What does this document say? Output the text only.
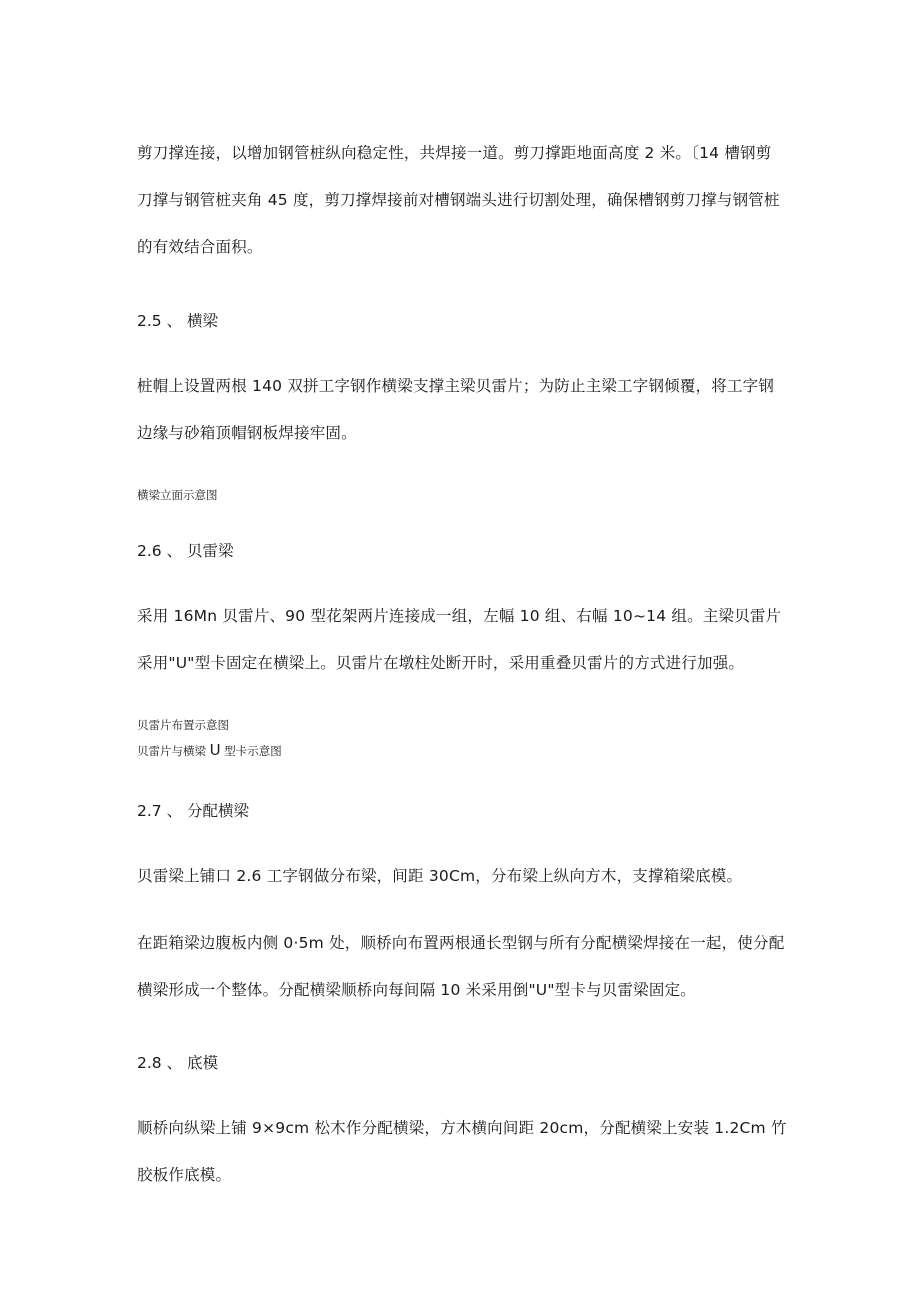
剪刀撑连接，以增加钢管桩纵向稳定性，共焊接一道。剪刀撑距地面高度 2 米。〔14 槽钢剪刀撑与钢管桩夹角 45 度，剪刀撑焊接前对槽钢端头进行切割处理，确保槽钢剪刀撑与钢管桩的有效结合面积。

2.5 、 横梁

桩帽上设置两根 140 双拼工字钢作横梁支撑主梁贝雷片；为防止主梁工字钢倾覆，将工字钢边缘与砂箱顶帽钢板焊接牢固。

横梁立面示意图

2.6 、 贝雷梁

采用 16Mn 贝雷片、90 型花架两片连接成一组，左幅 10 组、右幅 10~14 组。主梁贝雷片采用"U"型卡固定在横梁上。贝雷片在墩柱处断开时，采用重叠贝雷片的方式进行加强。

贝雷片布置示意图

贝雷片与横梁 U 型卡示意图

2.7 、 分配横梁

贝雷梁上铺口 2.6 工字钢做分布梁，间距 30Cm，分布梁上纵向方木，支撑箱梁底模。

在距箱梁边腹板内侧 0·5m 处，顺桥向布置两根通长型钢与所有分配横梁焊接在一起，使分配横梁形成一个整体。分配横梁顺桥向每间隔 10 米采用倒"U"型卡与贝雷梁固定。

2.8 、 底模

顺桥向纵梁上铺 9×9cm 松木作分配横梁，方木横向间距 20cm，分配横梁上安装 1.2Cm 竹胶板作底模。
